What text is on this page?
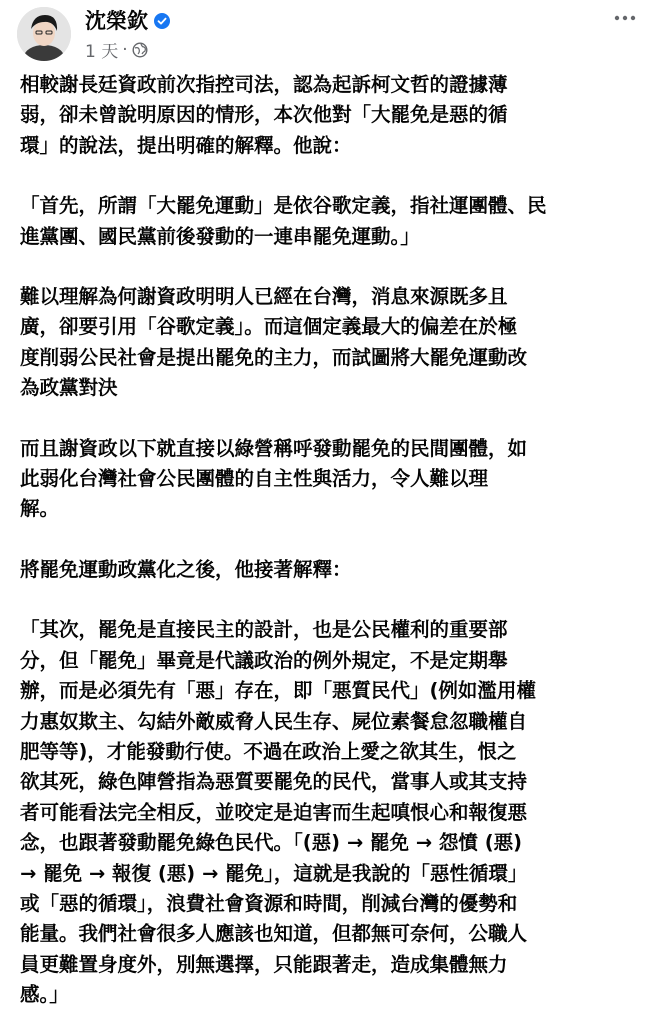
沈榮欽
1 天 ·

相較謝長廷資政前次指控司法，認為起訴柯文哲的證據薄
弱，卻未曾說明原因的情形，本次他對「大罷免是惡的循
環」的說法，提出明確的解釋。他說：

「首先，所謂「大罷免運動」是依谷歌定義，指社運團體、民
進黨團、國民黨前後發動的一連串罷免運動。」

難以理解為何謝資政明明人已經在台灣，消息來源既多且
廣，卻要引用「谷歌定義」。而這個定義最大的偏差在於極
度削弱公民社會是提出罷免的主力，而試圖將大罷免運動改
為政黨對決

而且謝資政以下就直接以綠營稱呼發動罷免的民間團體，如
此弱化台灣社會公民團體的自主性與活力，令人難以理
解。

將罷免運動政黨化之後，他接著解釋：

「其次，罷免是直接民主的設計，也是公民權利的重要部
分，但「罷免」畢竟是代議政治的例外規定，不是定期舉
辦，而是必須先有「悪」存在，即「悪質民代」(例如濫用權
力惠奴欺主、勾結外敵威脅人民生存、屍位素餐怠忽職權自
肥等等)，才能發動行使。不過在政治上愛之欲其生，恨之
欲其死，綠色陣營指為惡質要罷免的民代，當事人或其支持
者可能看法完全相反，並咬定是迫害而生起嗔恨心和報復悪
念，也跟著發動罷免綠色民代。「(惡) → 罷免 → 怨憤 (悪)
→ 罷免 → 報復 (悪) → 罷免」，這就是我說的「惡性循環」
或「惡的循環」，浪費社會資源和時間，削減台灣的優勢和
能量。我們社會很多人應該也知道，但都無可奈何，公職人
員更難置身度外，別無選擇，只能跟著走，造成集體無力
感。」
